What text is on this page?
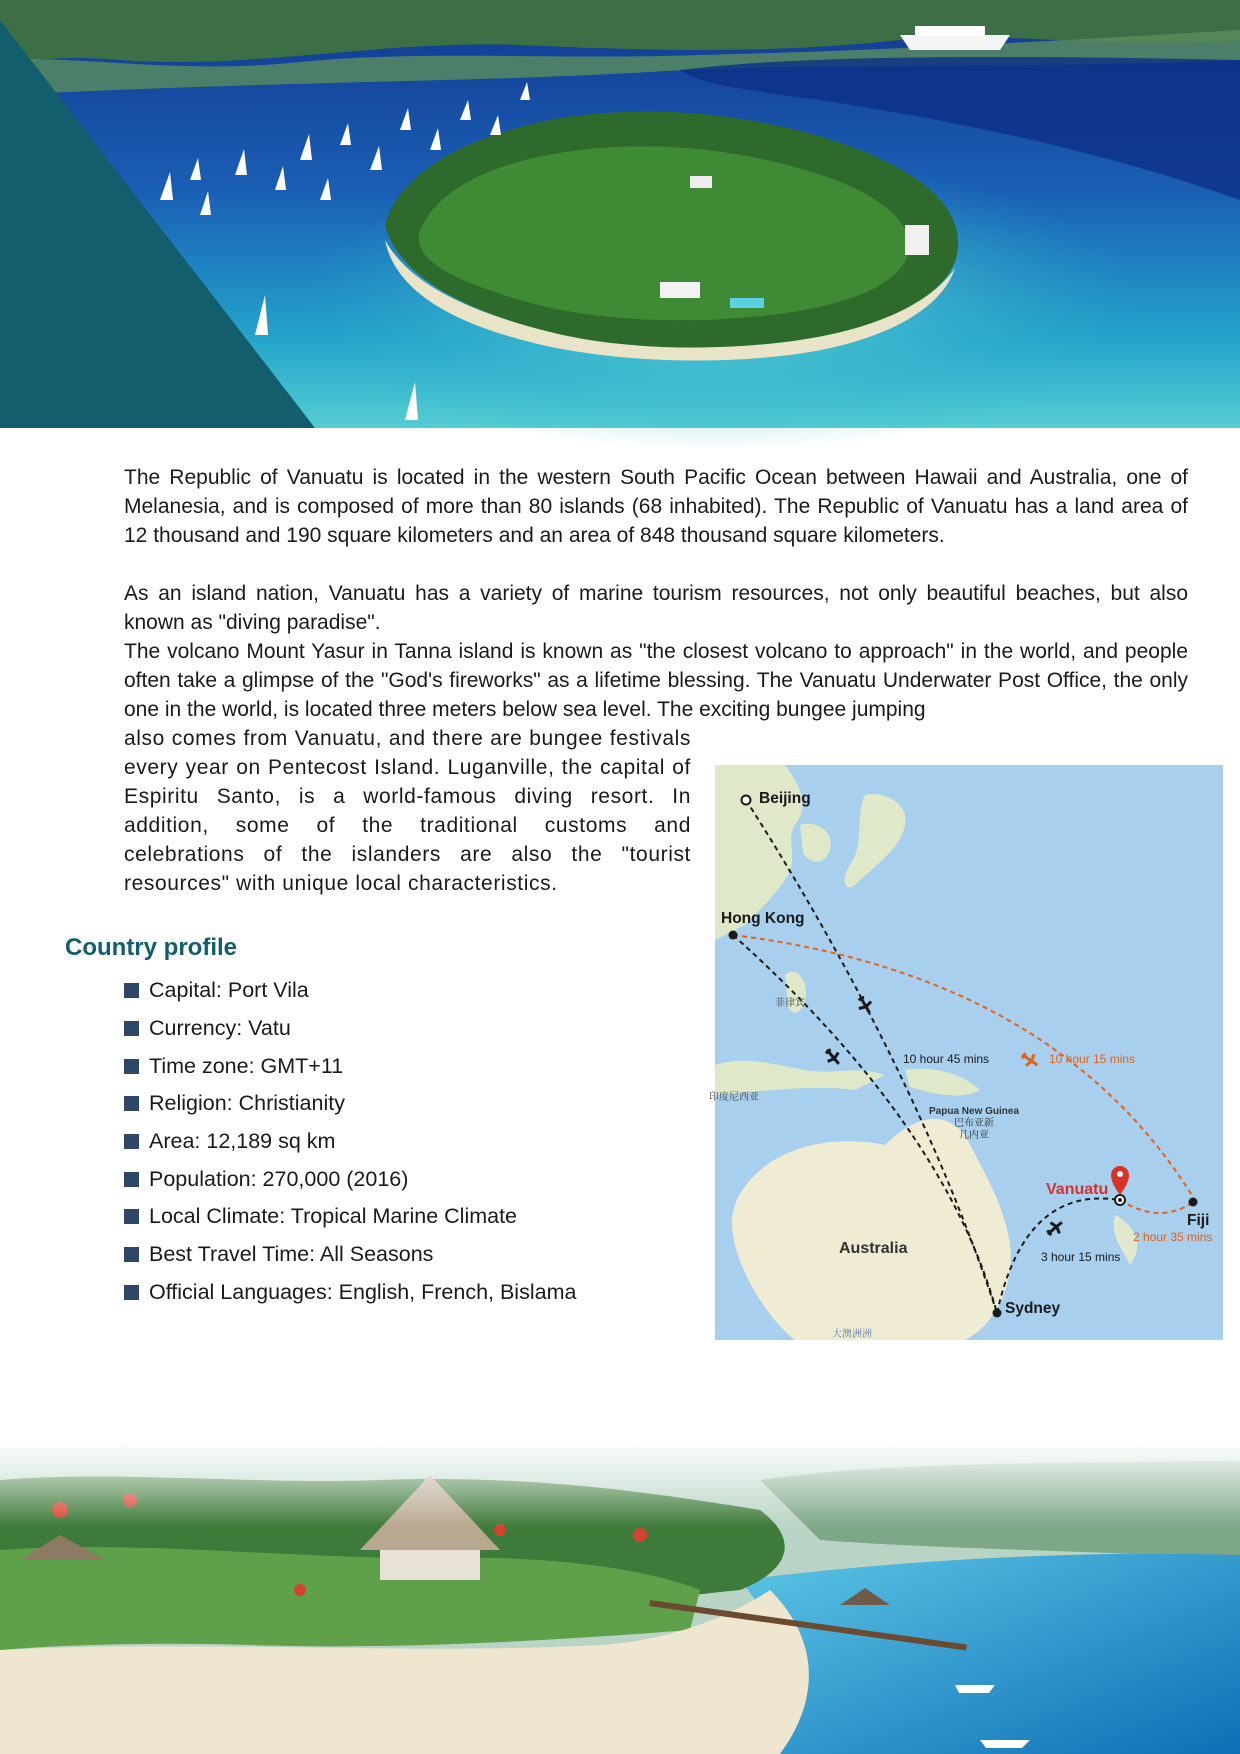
The Republic of Vanuatu is located in the western South Pacific Ocean between Hawaii and Australia, one of Melanesia, and is composed of more than 80 islands (68 inhabited). The Republic of Vanuatu has a land area of 12 thousand and 190 square kilometers and an area of 848 thousand square kilometers.

As an island nation, Vanuatu has a variety of marine tourism resources, not only beautiful beaches, but also known as "diving paradise".

The volcano Mount Yasur in Tanna island is known as "the closest volcano to approach" in the world, and people often take a glimpse of the "God's fireworks" as a lifetime blessing. The Vanuatu Underwater Post Office, the only one in the world, is located three meters below sea level. The exciting bungee jumping

also comes from Vanuatu, and there are bungee festivals every year on Pentecost Island. Luganville, the capital of Espiritu Santo, is a world-famous diving resort. In addition, some of the traditional customs and celebrations of the islanders are also the "tourist resources" with unique local characteristics.

Country profile
Capital: Port Vila
Currency: Vatu
Time zone: GMT+11
Religion: Christianity
Area: 12,189 sq km
Population: 270,000 (2016)
Local Climate: Tropical Marine Climate
Best Travel Time: All Seasons
Official Languages: English, French, Bislama
Beijing
Hong Kong
Sydney
Fiji
Vanuatu
10 hour 45 mins	10 hour 15 mins
3 hour 15 mins
2 hour 35 mins
Australia
Papua New Guinea
巴布亚新
几内亚
菲律宾
印度尼西亚
大澳洲洲
